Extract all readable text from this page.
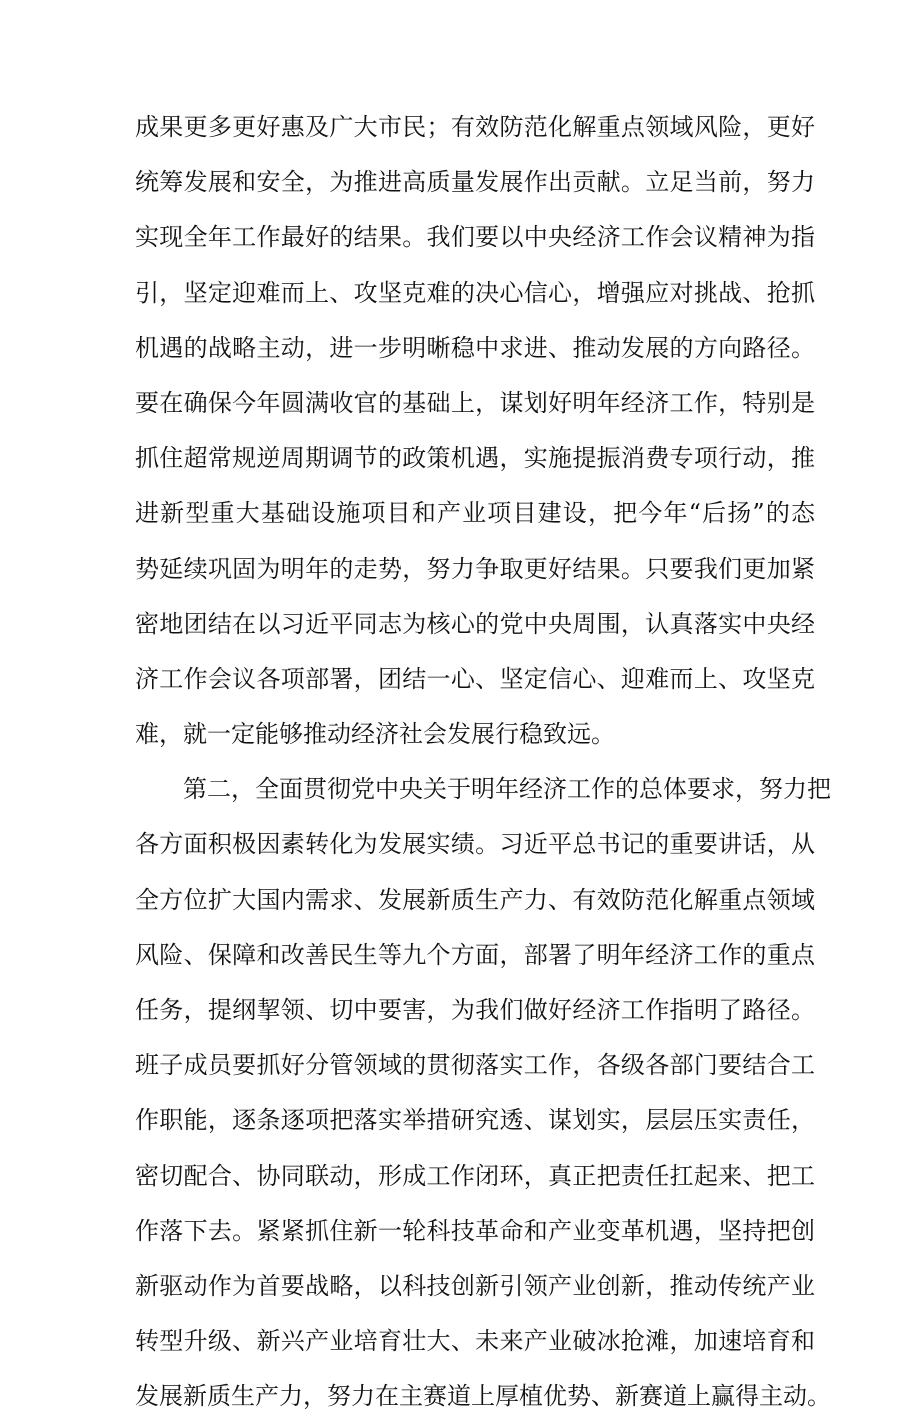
成果更多更好惠及广大市民；有效防范化解重点领域风险，更好
统筹发展和安全，为推进高质量发展作出贡献。立足当前，努力
实现全年工作最好的结果。我们要以中央经济工作会议精神为指
引，坚定迎难而上、攻坚克难的决心信心，增强应对挑战、抢抓
机遇的战略主动，进一步明晰稳中求进、推动发展的方向路径。
要在确保今年圆满收官的基础上，谋划好明年经济工作，特别是
抓住超常规逆周期调节的政策机遇，实施提振消费专项行动，推
进新型重大基础设施项目和产业项目建设，把今年“后扬”的态
势延续巩固为明年的走势，努力争取更好结果。只要我们更加紧
密地团结在以习近平同志为核心的党中央周围，认真落实中央经
济工作会议各项部署，团结一心、坚定信心、迎难而上、攻坚克
难，就一定能够推动经济社会发展行稳致远。
第二，全面贯彻党中央关于明年经济工作的总体要求，努力把
各方面积极因素转化为发展实绩。习近平总书记的重要讲话，从
全方位扩大国内需求、发展新质生产力、有效防范化解重点领域
风险、保障和改善民生等九个方面，部署了明年经济工作的重点
任务，提纲挈领、切中要害，为我们做好经济工作指明了路径。
班子成员要抓好分管领域的贯彻落实工作，各级各部门要结合工
作职能，逐条逐项把落实举措研究透、谋划实，层层压实责任，
密切配合、协同联动，形成工作闭环，真正把责任扛起来、把工
作落下去。紧紧抓住新一轮科技革命和产业变革机遇，坚持把创
新驱动作为首要战略，以科技创新引领产业创新，推动传统产业
转型升级、新兴产业培育壮大、未来产业破冰抢滩，加速培育和
发展新质生产力，努力在主赛道上厚植优势、新赛道上赢得主动。
